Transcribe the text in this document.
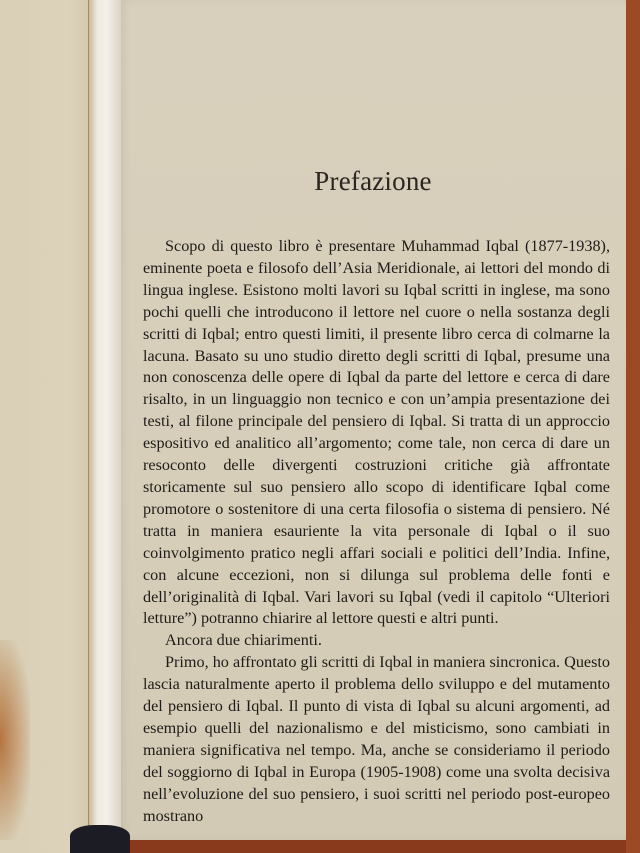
Prefazione

Scopo di questo libro è presentare Muhammad Iqbal (1877-1938), eminente poeta e filosofo dell’Asia Meridionale, ai lettori del mondo di lingua inglese. Esistono molti lavori su Iqbal scritti in inglese, ma sono pochi quelli che introducono il lettore nel cuore o nella sostanza degli scritti di Iqbal; entro questi limiti, il presente libro cerca di colmarne la lacuna. Basato su uno studio diretto degli scritti di Iqbal, presume una non conoscenza delle opere di Iqbal da parte del lettore e cerca di dare risalto, in un linguaggio non tecnico e con un’ampia presentazione dei testi, al filone principale del pensiero di Iqbal. Si tratta di un approccio espositivo ed analitico all’argomento; come tale, non cerca di dare un resoconto delle divergenti costruzioni critiche già affrontate storicamente sul suo pensiero allo scopo di identificare Iqbal come promotore o sostenitore di una certa filosofia o sistema di pensiero. Né tratta in maniera esauriente la vita personale di Iqbal o il suo coinvolgimento pratico negli affari sociali e politici dell’India. Infine, con alcune eccezioni, non si dilunga sul problema delle fonti e dell’originalità di Iqbal. Vari lavori su Iqbal (vedi il capitolo “Ulteriori letture”) potranno chiarire al lettore questi e altri punti.

Ancora due chiarimenti.

Primo, ho affrontato gli scritti di Iqbal in maniera sincronica. Questo lascia naturalmente aperto il problema dello sviluppo e del mutamento del pensiero di Iqbal. Il punto di vista di Iqbal su alcuni argomenti, ad esempio quelli del nazionalismo e del misticismo, sono cambiati in maniera significativa nel tempo. Ma, anche se consideriamo il periodo del soggiorno di Iqbal in Europa (1905-1908) come una svolta decisiva nell’evoluzione del suo pensiero, i suoi scritti nel periodo post-europeo mostrano
